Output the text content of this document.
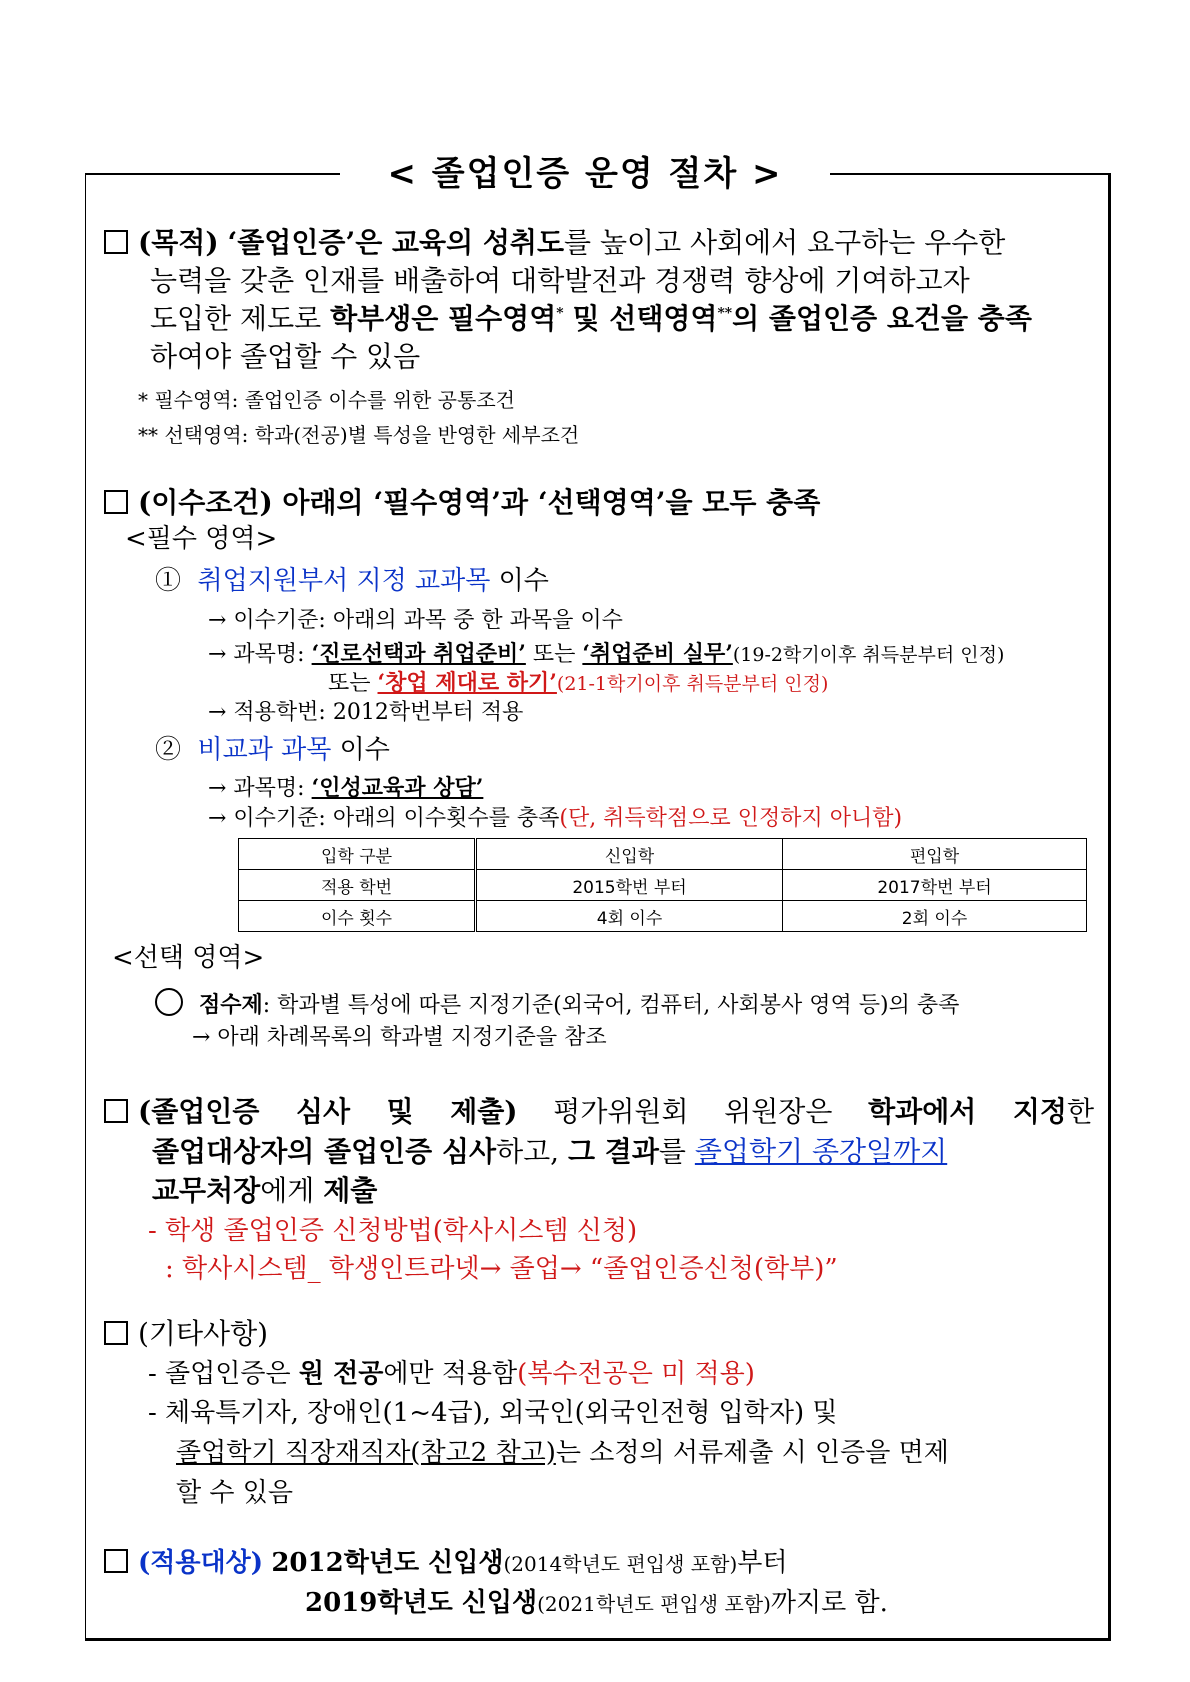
< 졸업인증 운영 절차 >
(목적) ‘졸업인증’은 교육의 성취도를 높이고 사회에서 요구하는 우수한
능력을 갖춘 인재를 배출하여 대학발전과 경쟁력 향상에 기여하고자
도입한 제도로 학부생은 필수영역* 및 선택영역**의 졸업인증 요건을 충족
하여야 졸업할 수 있음
* 필수영역: 졸업인증 이수를 위한 공통조건
** 선택영역: 학과(전공)별 특성을 반영한 세부조건
(이수조건) 아래의 ‘필수영역’과 ‘선택영역’을 모두 충족
<필수 영역>
① 취업지원부서 지정 교과목 이수
→ 이수기준: 아래의 과목 중 한 과목을 이수
→ 과목명: ‘진로선택과 취업준비’ 또는 ‘취업준비 실무’(19-2학기이후 취득분부터 인정)
또는 ‘창업 제대로 하기’(21-1학기이후 취득분부터 인정)
→ 적용학번: 2012학번부터 적용
② 비교과 과목 이수
→ 과목명: ‘인성교육과 상담’
→ 이수기준: 아래의 이수횟수를 충족(단, 취득학점으로 인정하지 아니함)
입학 구분	신입학	편입학
적용 학번	2015학번 부터	2017학번 부터
이수 횟수	4회 이수	2회 이수
<선택 영역>
점수제: 학과별 특성에 따른 지정기준(외국어, 컴퓨터, 사회봉사 영역 등)의 충족
→ 아래 차례목록의 학과별 지정기준을 참조
(졸업인증 심사 및 제출) 평가위원회 위원장은 학과에서 지정한
졸업대상자의 졸업인증 심사하고, 그 결과를 졸업학기 종강일까지
교무처장에게 제출
- 학생 졸업인증 신청방법(학사시스템 신청)
: 학사시스템_ 학생인트라넷→ 졸업→ “졸업인증신청(학부)”
(기타사항)
- 졸업인증은 원 전공에만 적용함(복수전공은 미 적용)
- 체육특기자, 장애인(1~4급), 외국인(외국인전형 입학자) 및
졸업학기 직장재직자(참고2 참고)는 소정의 서류제출 시 인증을 면제
할 수 있음
(적용대상) 2012학년도 신입생(2014학년도 편입생 포함)부터
2019학년도 신입생(2021학년도 편입생 포함)까지로 함.
